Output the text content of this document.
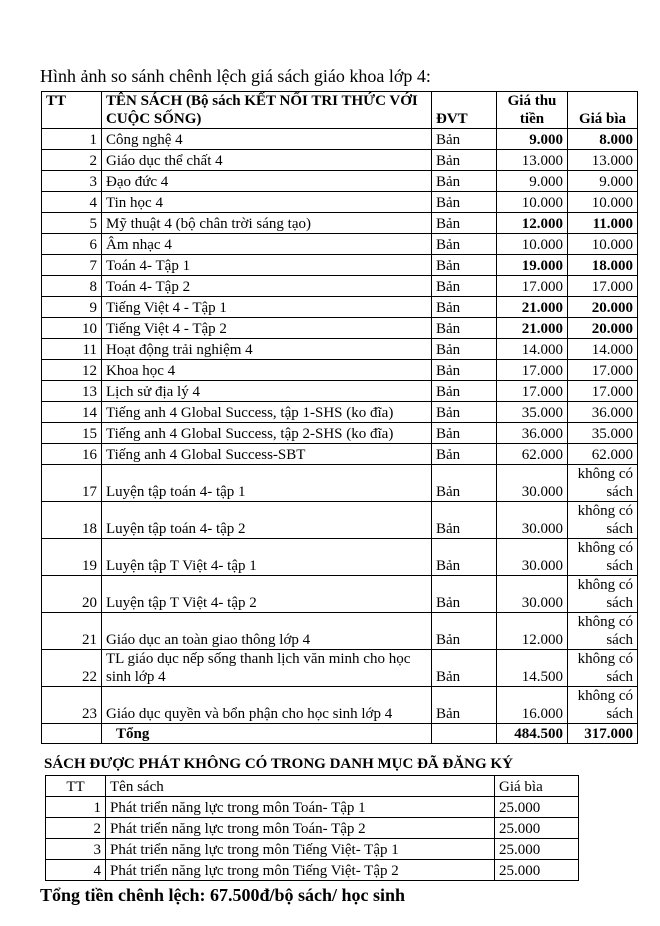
Hình ảnh so sánh chênh lệch giá sách giáo khoa lớp 4:
TT	TÊN SÁCH (Bộ sách KẾT NỐI TRI THỨC VỚI CUỘC SỐNG)	ĐVT	Giá thu tiền	Giá bìa
1	Công nghệ 4	Bản	9.000	8.000
2	Giáo dục thể chất 4	Bản	13.000	13.000
3	Đạo đức 4	Bản	9.000	9.000
4	Tin học 4	Bản	10.000	10.000
5	Mỹ thuật 4 (bộ chân trời sáng tạo)	Bản	12.000	11.000
6	Âm nhạc 4	Bản	10.000	10.000
7	Toán 4- Tập 1	Bản	19.000	18.000
8	Toán 4- Tập 2	Bản	17.000	17.000
9	Tiếng Việt 4 - Tập 1	Bản	21.000	20.000
10	Tiếng Việt 4 - Tập 2	Bản	21.000	20.000
11	Hoạt động trải nghiệm 4	Bản	14.000	14.000
12	Khoa học 4	Bản	17.000	17.000
13	Lịch sử địa lý 4	Bản	17.000	17.000
14	Tiếng anh 4 Global Success, tập 1-SHS (ko đĩa)	Bản	35.000	36.000
15	Tiếng anh 4 Global Success, tập 2-SHS (ko đĩa)	Bản	36.000	35.000
16	Tiếng anh 4 Global Success-SBT	Bản	62.000	62.000
17	Luyện tập toán 4- tập 1	Bản	30.000	không có sách
18	Luyện tập toán 4- tập 2	Bản	30.000	không có sách
19	Luyện tập T Việt 4- tập 1	Bản	30.000	không có sách
20	Luyện tập T Việt 4- tập 2	Bản	30.000	không có sách
21	Giáo dục an toàn giao thông lớp 4	Bản	12.000	không có sách
22	TL giáo dục nếp sống thanh lịch văn minh cho học sinh lớp 4	Bản	14.500	không có sách
23	Giáo dục quyền và bổn phận cho học sinh lớp 4	Bản	16.000	không có sách
	Tổng		484.500	317.000
SÁCH ĐƯỢC PHÁT KHÔNG CÓ TRONG DANH MỤC ĐÃ ĐĂNG KÝ
TT	Tên sách	Giá bìa
1	Phát triển năng lực trong môn Toán- Tập 1	25.000
2	Phát triển năng lực trong môn Toán- Tập 2	25.000
3	Phát triển năng lực trong môn Tiếng Việt- Tập 1	25.000
4	Phát triển năng lực trong môn Tiếng Việt- Tập 2	25.000
Tổng tiền chênh lệch: 67.500đ/bộ sách/ học sinh
